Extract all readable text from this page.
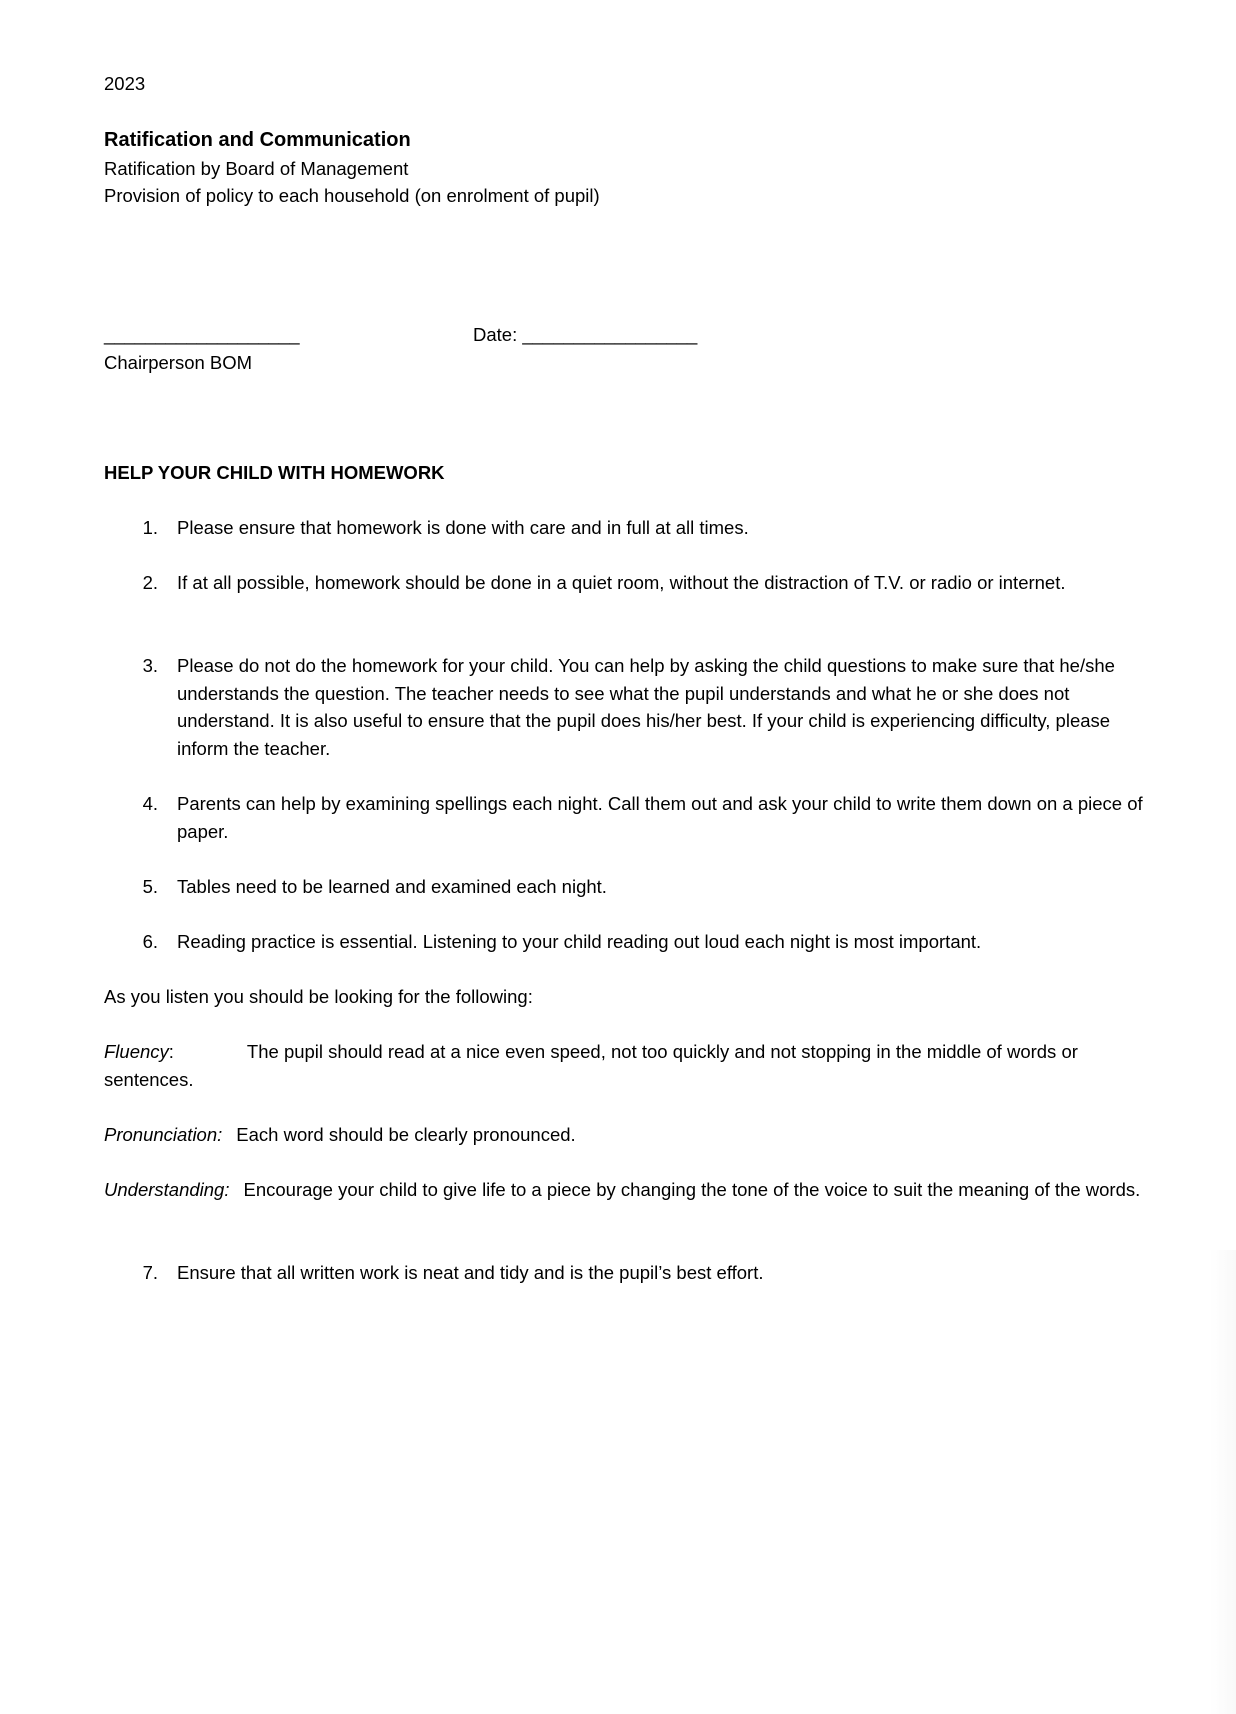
2023
Ratification and Communication
Ratification by Board of Management
Provision of policy to each household (on enrolment of pupil)
___________________	Date: _________________
Chairperson BOM
HELP YOUR CHILD WITH HOMEWORK
1. Please ensure that homework is done with care and in full at all times.
2. If at all possible, homework should be done in a quiet room, without the distraction of T.V. or radio or internet.
3. Please do not do the homework for your child. You can help by asking the child questions to make sure that he/she understands the question. The teacher needs to see what the pupil understands and what he or she does not understand. It is also useful to ensure that the pupil does his/her best. If your child is experiencing difficulty, please inform the teacher.
4. Parents can help by examining spellings each night. Call them out and ask your child to write them down on a piece of paper.
5. Tables need to be learned and examined each night.
6. Reading practice is essential. Listening to your child reading out loud each night is most important.
As you listen you should be looking for the following:
Fluency:	The pupil should read at a nice even speed, not too quickly and not stopping in the middle of words or sentences.
Pronunciation: Each word should be clearly pronounced.
Understanding: Encourage your child to give life to a piece by changing the tone of the voice to suit the meaning of the words.
7. Ensure that all written work is neat and tidy and is the pupil’s best effort.
